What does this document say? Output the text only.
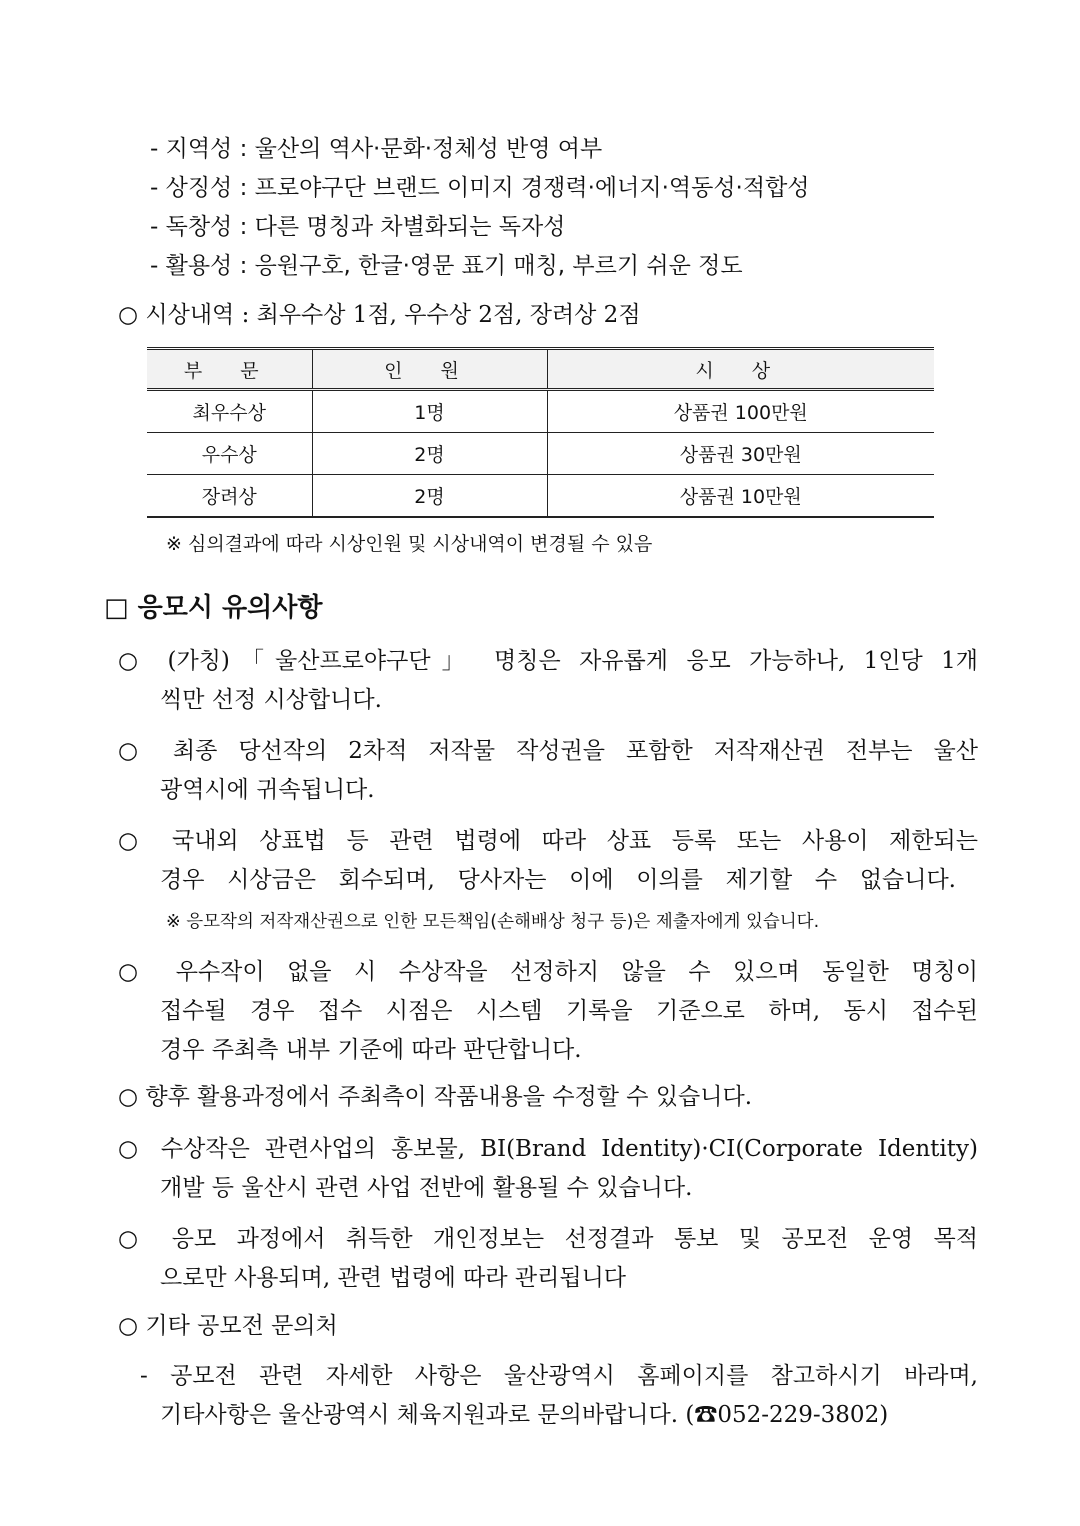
- 지역성 : 울산의 역사·문화·정체성 반영 여부
- 상징성 : 프로야구단 브랜드 이미지 경쟁력·에너지·역동성·적합성
- 독창성 : 다른 명칭과 차별화되는 독자성
- 활용성 : 응원구호, 한글·영문 표기 매칭, 부르기 쉬운 정도
○ 시상내역 : 최우수상 1점, 우수상 2점, 장려상 2점
부 문	인 원	시 상
최우수상	1명	상품권 100만원
우수상	2명	상품권 30만원
장려상	2명	상품권 10만원
※ 심의결과에 따라 시상인원 및 시상내역이 변경될 수 있음
□ 응모시 유의사항
○ (가칭)「울산프로야구단」 명칭은 자유롭게 응모 가능하나, 1인당 1개
씩만 선정 시상합니다.
○ 최종 당선작의 2차적 저작물 작성권을 포함한 저작재산권 전부는 울산
광역시에 귀속됩니다.
○ 국내외 상표법 등 관련 법령에 따라 상표 등록 또는 사용이 제한되는
경우 시상금은 회수되며, 당사자는 이에 이의를 제기할 수 없습니다.
※ 응모작의 저작재산권으로 인한 모든책임(손해배상 청구 등)은 제출자에게 있습니다.
○ 우수작이 없을 시 수상작을 선정하지 않을 수 있으며 동일한 명칭이
접수될 경우 접수 시점은 시스템 기록을 기준으로 하며, 동시 접수된
경우 주최측 내부 기준에 따라 판단합니다.
○ 향후 활용과정에서 주최측이 작품내용을 수정할 수 있습니다.
○ 수상작은 관련사업의 홍보물, BI(Brand Identity)·CI(Corporate Identity)
개발 등 울산시 관련 사업 전반에 활용될 수 있습니다.
○ 응모 과정에서 취득한 개인정보는 선정결과 통보 및 공모전 운영 목적
으로만 사용되며, 관련 법령에 따라 관리됩니다
○ 기타 공모전 문의처
- 공모전 관련 자세한 사항은 울산광역시 홈페이지를 참고하시기 바라며,
기타사항은 울산광역시 체육지원과로 문의바랍니다. (☎052-229-3802)
